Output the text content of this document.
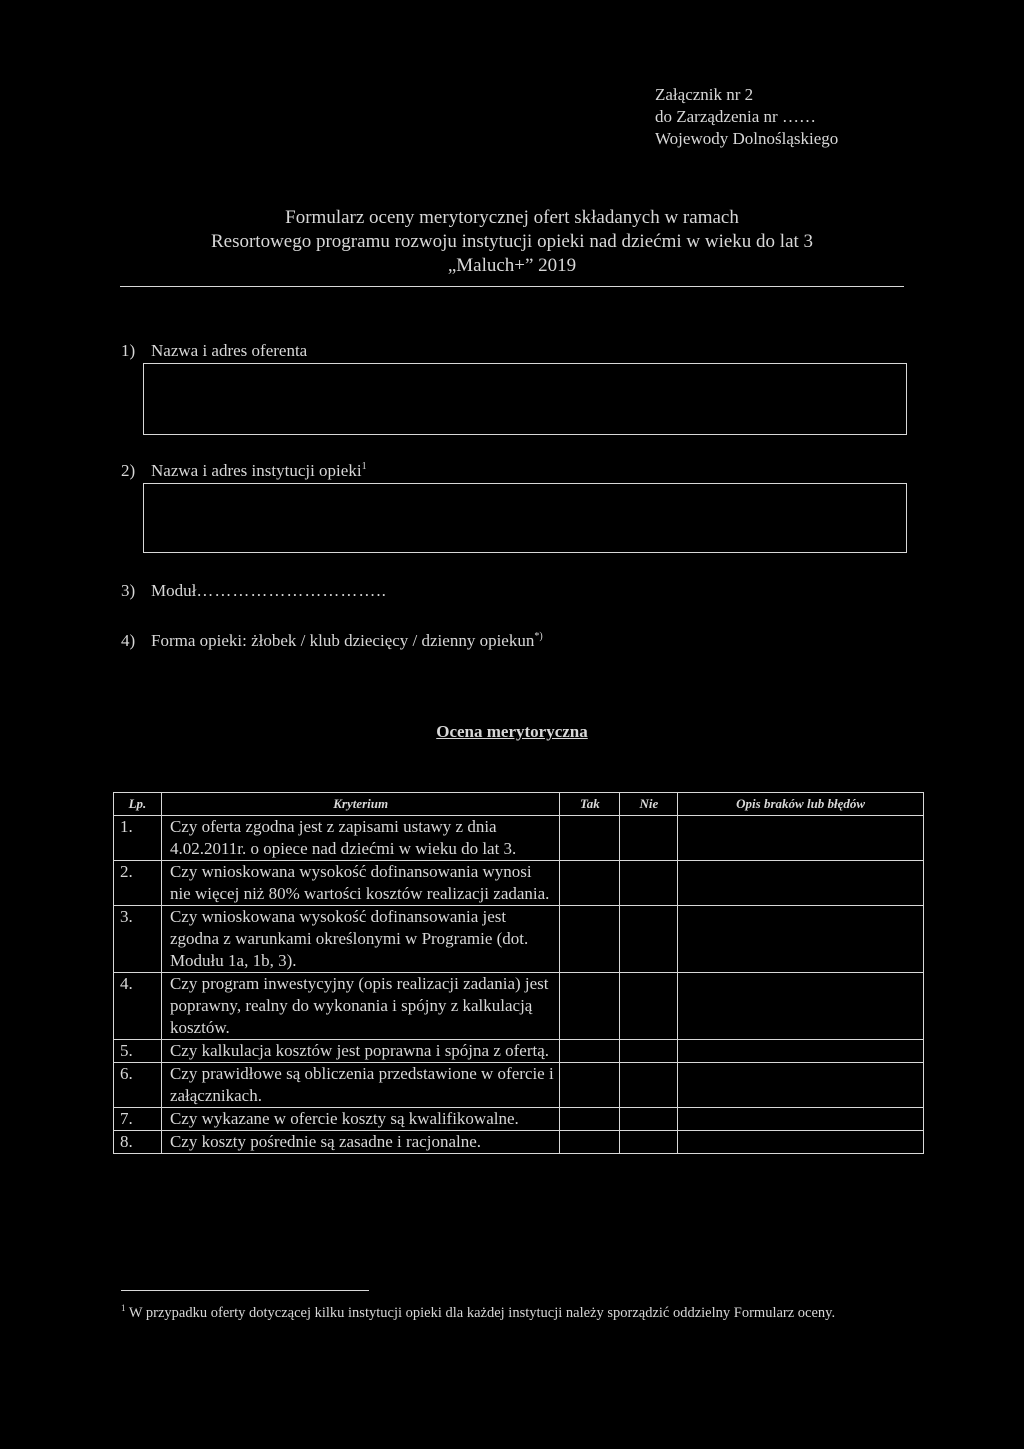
Załącznik nr 2
do Zarządzenia nr ……
Wojewody Dolnośląskiego
Formularz oceny merytorycznej ofert składanych w ramach
Resortowego programu rozwoju instytucji opieki nad dziećmi w wieku do lat 3
„Maluch+” 2019
1) Nazwa i adres oferenta
2) Nazwa i adres instytucji opieki$^1$
3) Moduł…………………………..
4) Forma opieki: żłobek / klub dziecięcy / dzienny opiekun*)
Ocena merytoryczna
Lp.	Kryterium	Tak	Nie	Opis braków lub błędów
1.	Czy oferta zgodna jest z zapisami ustawy z dnia 4.02.2011r. o opiece nad dziećmi w wieku do lat 3.			
2.	Czy wnioskowana wysokość dofinansowania wynosi nie więcej niż 80% wartości kosztów realizacji zadania.			
3.	Czy wnioskowana wysokość dofinansowania jest zgodna z warunkami określonymi w Programie (dot. Modułu 1a, 1b, 3).			
4.	Czy program inwestycyjny (opis realizacji zadania) jest poprawny, realny do wykonania i spójny z kalkulacją kosztów.			
5.	Czy kalkulacja kosztów jest poprawna i spójna z ofertą.			
6.	Czy prawidłowe są obliczenia przedstawione w ofercie i załącznikach.			
7.	Czy wykazane w ofercie koszty są kwalifikowalne.			
8.	Czy koszty pośrednie są zasadne i racjonalne.			
$^1$ W przypadku oferty dotyczącej kilku instytucji opieki dla każdej instytucji należy sporządzić oddzielny Formularz oceny.
